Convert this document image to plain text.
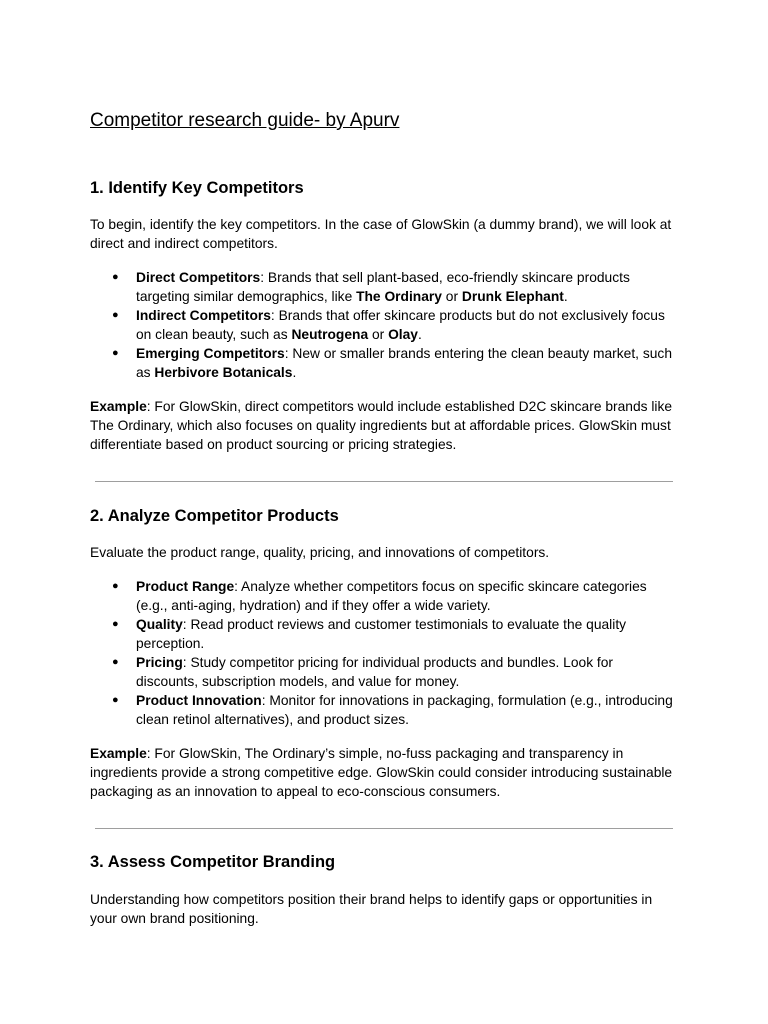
Competitor research guide- by Apurv
1. Identify Key Competitors

To begin, identify the key competitors. In the case of GlowSkin (a dummy brand), we will look at
direct and indirect competitors.

● Direct Competitors: Brands that sell plant-based, eco-friendly skincare products
targeting similar demographics, like The Ordinary or Drunk Elephant.
● Indirect Competitors: Brands that offer skincare products but do not exclusively focus
on clean beauty, such as Neutrogena or Olay.
● Emerging Competitors: New or smaller brands entering the clean beauty market, such
as Herbivore Botanicals.

Example: For GlowSkin, direct competitors would include established D2C skincare brands like
The Ordinary, which also focuses on quality ingredients but at affordable prices. GlowSkin must
differentiate based on product sourcing or pricing strategies.

2. Analyze Competitor Products

Evaluate the product range, quality, pricing, and innovations of competitors.

● Product Range: Analyze whether competitors focus on specific skincare categories
(e.g., anti-aging, hydration) and if they offer a wide variety.
● Quality: Read product reviews and customer testimonials to evaluate the quality
perception.
● Pricing: Study competitor pricing for individual products and bundles. Look for
discounts, subscription models, and value for money.
● Product Innovation: Monitor for innovations in packaging, formulation (e.g., introducing
clean retinol alternatives), and product sizes.

Example: For GlowSkin, The Ordinary’s simple, no-fuss packaging and transparency in
ingredients provide a strong competitive edge. GlowSkin could consider introducing sustainable
packaging as an innovation to appeal to eco-conscious consumers.

3. Assess Competitor Branding

Understanding how competitors position their brand helps to identify gaps or opportunities in
your own brand positioning.
